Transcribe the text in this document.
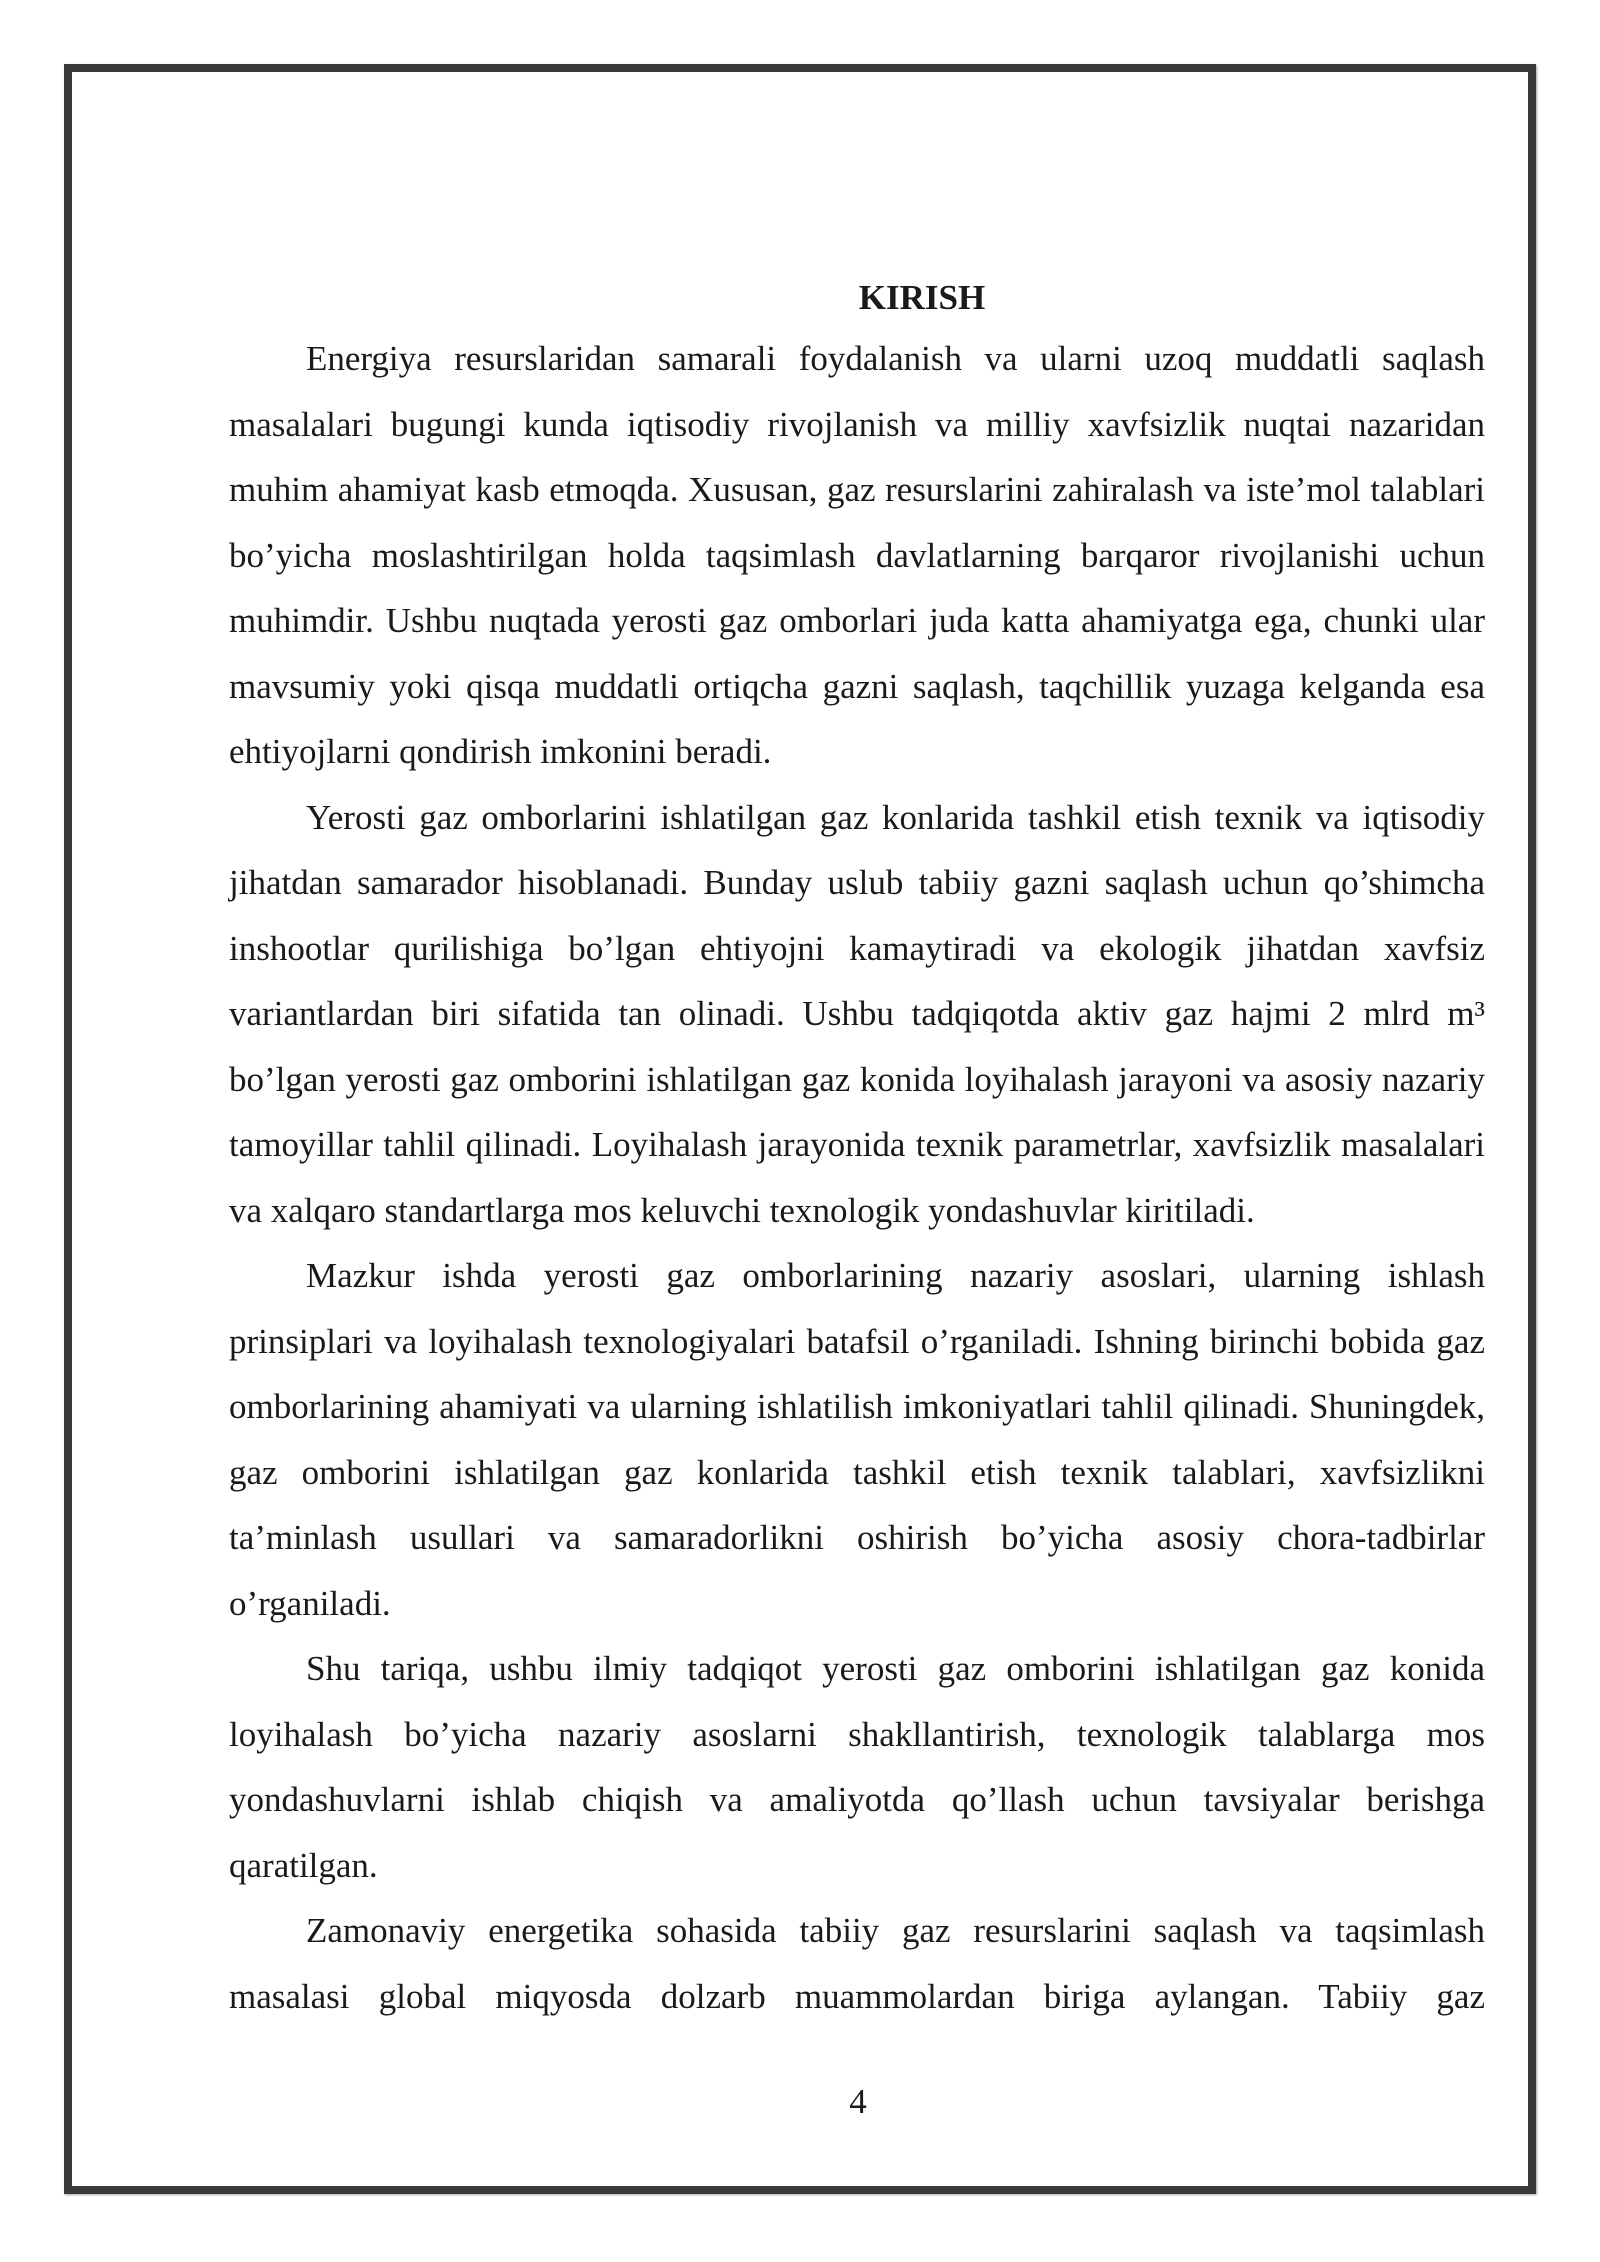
KIRISH

Energiya resurslaridan samarali foydalanish va ularni uzoq muddatli saqlash masalalari bugungi kunda iqtisodiy rivojlanish va milliy xavfsizlik nuqtai nazaridan muhim ahamiyat kasb etmoqda. Xususan, gaz resurslarini zahiralash va iste’mol talablari bo’yicha moslashtirilgan holda taqsimlash davlatlarning barqaror rivojlanishi uchun muhimdir. Ushbu nuqtada yerosti gaz omborlari juda katta ahamiyatga ega, chunki ular mavsumiy yoki qisqa muddatli ortiqcha gazni saqlash, taqchillik yuzaga kelganda esa ehtiyojlarni qondirish imkonini beradi.

Yerosti gaz omborlarini ishlatilgan gaz konlarida tashkil etish texnik va iqtisodiy jihatdan samarador hisoblanadi. Bunday uslub tabiiy gazni saqlash uchun qo’shimcha inshootlar qurilishiga bo’lgan ehtiyojni kamaytiradi va ekologik jihatdan xavfsiz variantlardan biri sifatida tan olinadi. Ushbu tadqiqotda aktiv gaz hajmi 2 mlrd m³ bo’lgan yerosti gaz omborini ishlatilgan gaz konida loyihalash jarayoni va asosiy nazariy tamoyillar tahlil qilinadi. Loyihalash jarayonida texnik parametrlar, xavfsizlik masalalari va xalqaro standartlarga mos keluvchi texnologik yondashuvlar kiritiladi.

Mazkur ishda yerosti gaz omborlarining nazariy asoslari, ularning ishlash prinsiplari va loyihalash texnologiyalari batafsil o’rganiladi. Ishning birinchi bobida gaz omborlarining ahamiyati va ularning ishlatilish imkoniyatlari tahlil qilinadi. Shuningdek, gaz omborini ishlatilgan gaz konlarida tashkil etish texnik talablari, xavfsizlikni ta’minlash usullari va samaradorlikni oshirish bo’yicha asosiy chora-tadbirlar o’rganiladi.

Shu tariqa, ushbu ilmiy tadqiqot yerosti gaz omborini ishlatilgan gaz konida loyihalash bo’yicha nazariy asoslarni shakllantirish, texnologik talablarga mos yondashuvlarni ishlab chiqish va amaliyotda qo’llash uchun tavsiyalar berishga qaratilgan.

Zamonaviy energetika sohasida tabiiy gaz resurslarini saqlash va taqsimlash masalasi global miqyosda dolzarb muammolardan biriga aylangan. Tabiiy gaz

4
